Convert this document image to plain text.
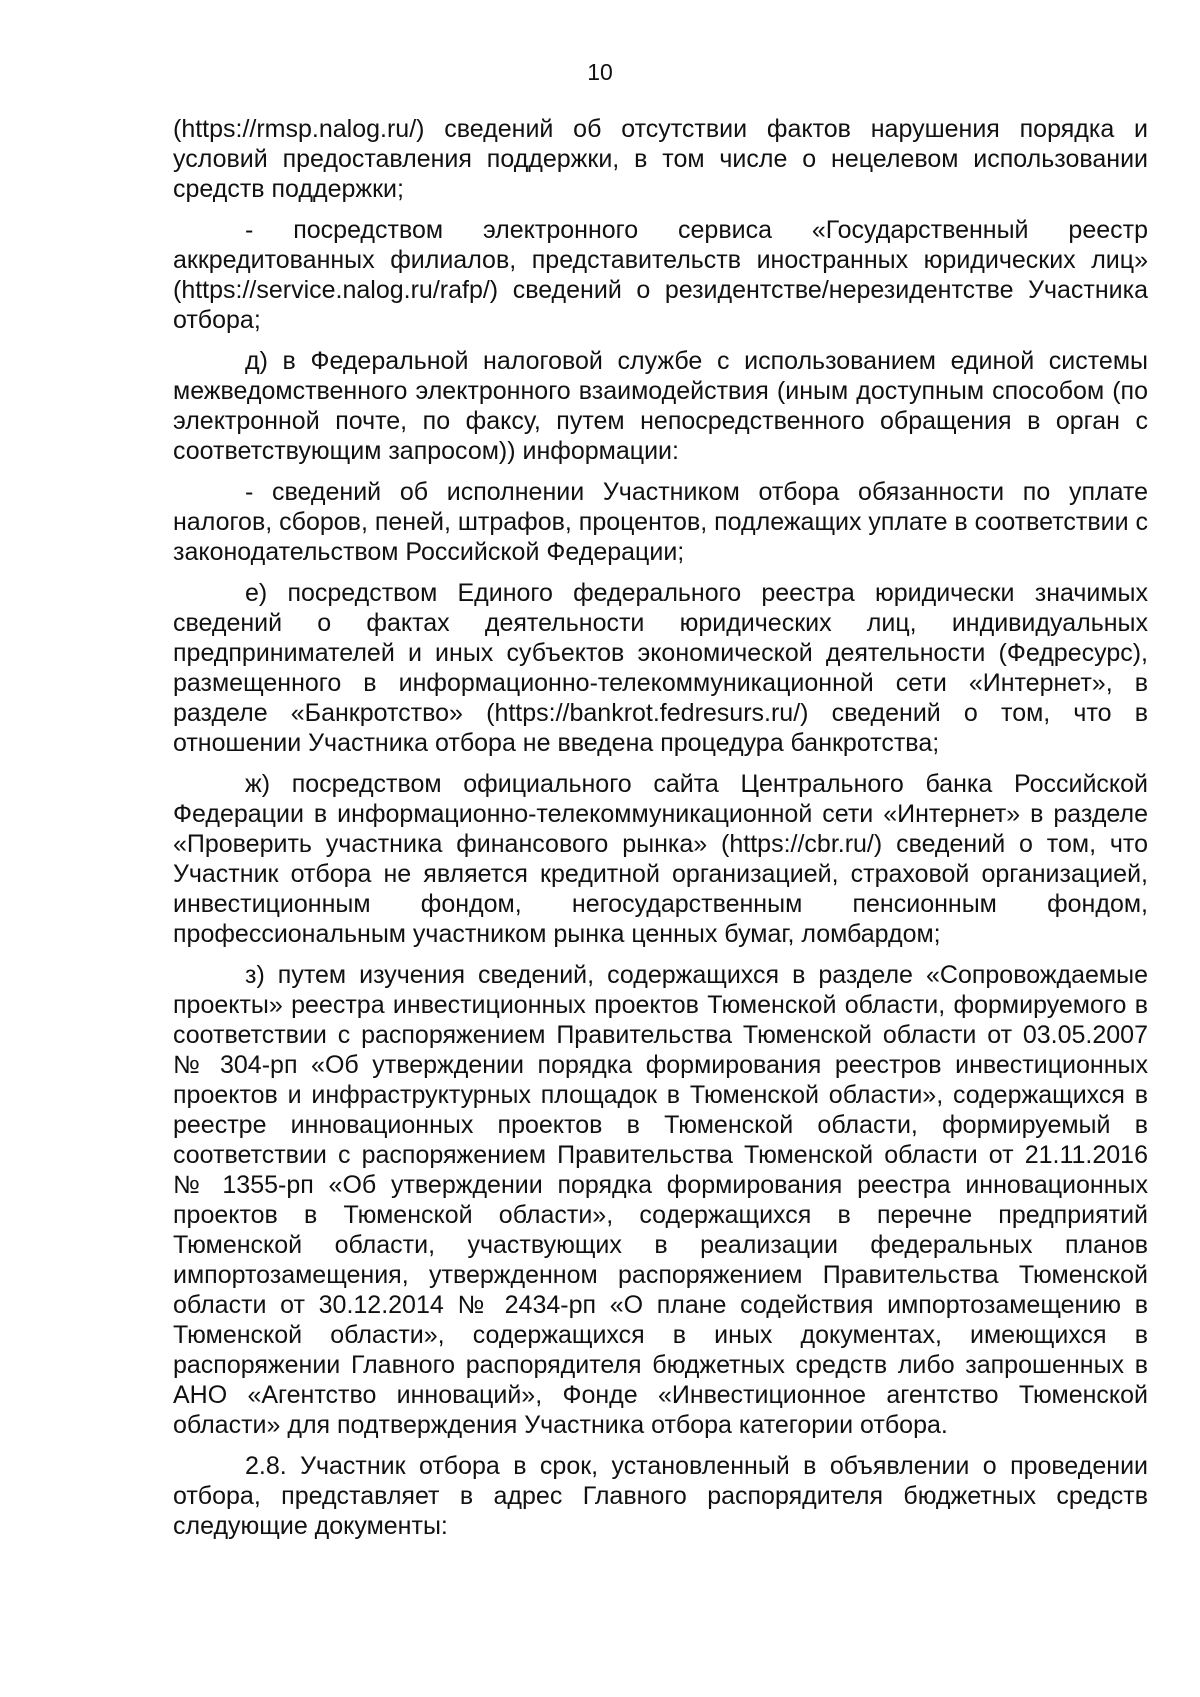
10

(https://rmsp.nalog.ru/) сведений об отсутствии фактов нарушения порядка и условий предоставления поддержки, в том числе о нецелевом использовании средств поддержки;

- посредством электронного сервиса «Государственный реестр аккредитованных филиалов, представительств иностранных юридических лиц» (https://service.nalog.ru/rafp/) сведений о резидентстве/нерезидентстве Участника отбора;

д) в Федеральной налоговой службе с использованием единой системы межведомственного электронного взаимодействия (иным доступным способом (по электронной почте, по факсу, путем непосредственного обращения в орган с соответствующим запросом)) информации:

- сведений об исполнении Участником отбора обязанности по уплате налогов, сборов, пеней, штрафов, процентов, подлежащих уплате в соответствии с законодательством Российской Федерации;

е) посредством Единого федерального реестра юридически значимых сведений о фактах деятельности юридических лиц, индивидуальных предпринимателей и иных субъектов экономической деятельности (Федресурс), размещенного в информационно-телекоммуникационной сети «Интернет», в разделе «Банкротство» (https://bankrot.fedresurs.ru/) сведений о том, что в отношении Участника отбора не введена процедура банкротства;

ж) посредством официального сайта Центрального банка Российской Федерации в информационно-телекоммуникационной сети «Интернет» в разделе «Проверить участника финансового рынка» (https://cbr.ru/) сведений о том, что Участник отбора не является кредитной организацией, страховой организацией, инвестиционным фондом, негосударственным пенсионным фондом, профессиональным участником рынка ценных бумаг, ломбардом;

з) путем изучения сведений, содержащихся в разделе «Сопровождаемые проекты» реестра инвестиционных проектов Тюменской области, формируемого в соответствии с распоряжением Правительства Тюменской области от 03.05.2007 № 304-рп «Об утверждении порядка формирования реестров инвестиционных проектов и инфраструктурных площадок в Тюменской области», содержащихся в реестре инновационных проектов в Тюменской области, формируемый в соответствии с распоряжением Правительства Тюменской области от 21.11.2016 № 1355-рп «Об утверждении порядка формирования реестра инновационных проектов в Тюменской области», содержащихся в перечне предприятий Тюменской области, участвующих в реализации федеральных планов импортозамещения, утвержденном распоряжением Правительства Тюменской области от 30.12.2014 № 2434-рп «О плане содействия импортозамещению в Тюменской области», содержащихся в иных документах, имеющихся в распоряжении Главного распорядителя бюджетных средств либо запрошенных в АНО «Агентство инноваций», Фонде «Инвестиционное агентство Тюменской области» для подтверждения Участника отбора категории отбора.

2.8. Участник отбора в срок, установленный в объявлении о проведении отбора, представляет в адрес Главного распорядителя бюджетных средств следующие документы:
